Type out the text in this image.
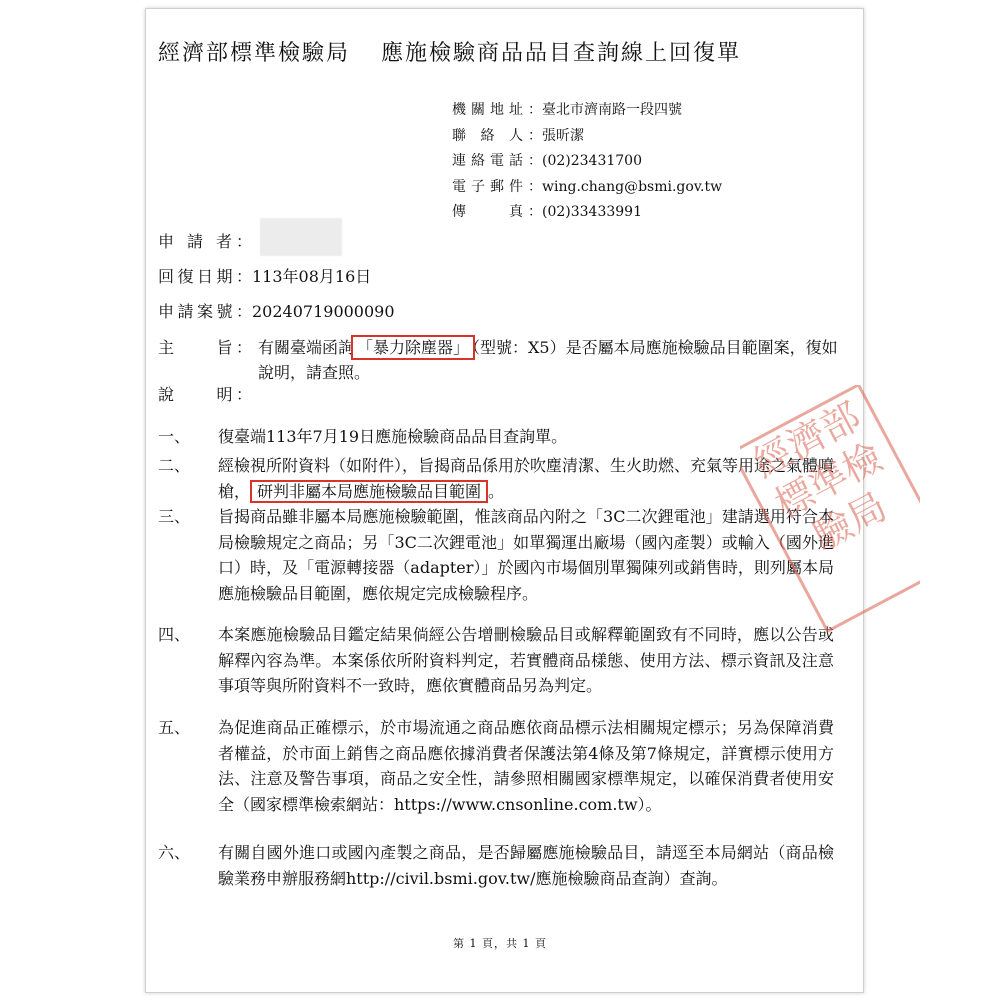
經濟部標準檢驗局 應施檢驗商品品目查詢線上回復單
機關地址：臺北市濟南路一段四號
聯 絡 人：張昕潔
連絡電話：(02)23431700
電子郵件：wing.chang@bsmi.gov.tw
傳　　真：(02)33433991
申 請 者：
回復日期：113年08月16日
申請案號：20240719000090
主　　旨： 有關臺端函詢 「暴力除塵器」 （型號：X5）是否屬本局應施檢驗品目範圍案，復如說明，請查照。
說　　明：
一、 復臺端113年7月19日應施檢驗商品品目查詢單。
二、 經檢視所附資料（如附件），旨揭商品係用於吹塵清潔、生火助燃、充氣等用途之氣體噴槍， 研判非屬本局應施檢驗品目範圍 。
三、 旨揭商品雖非屬本局應施檢驗範圍，惟該商品內附之「3C二次鋰電池」建請選用符合本局檢驗規定之商品；另「3C二次鋰電池」如單獨運出廠場（國內產製）或輸入（國外進口）時，及「電源轉接器（adapter）」於國內市場個別單獨陳列或銷售時，則列屬本局應施檢驗品目範圍，應依規定完成檢驗程序。
四、 本案應施檢驗品目鑑定結果倘經公告增刪檢驗品目或解釋範圍致有不同時，應以公告或解釋內容為準。本案係依所附資料判定，若實體商品樣態、使用方法、標示資訊及注意事項等與所附資料不一致時，應依實體商品另為判定。
五、 為促進商品正確標示，於市場流通之商品應依商品標示法相關規定標示；另為保障消費者權益，於市面上銷售之商品應依據消費者保護法第4條及第7條規定，詳實標示使用方法、注意及警告事項，商品之安全性，請參照相關國家標準規定，以確保消費者使用安全（國家標準檢索網站：https://www.cnsonline.com.tw）。
六、 有關自國外進口或國內產製之商品，是否歸屬應施檢驗品目，請逕至本局網站（商品檢驗業務申辦服務網http://civil.bsmi.gov.tw/應施檢驗商品查詢）查詢。
經濟部標準檢驗局
第 1 頁，共 1 頁
